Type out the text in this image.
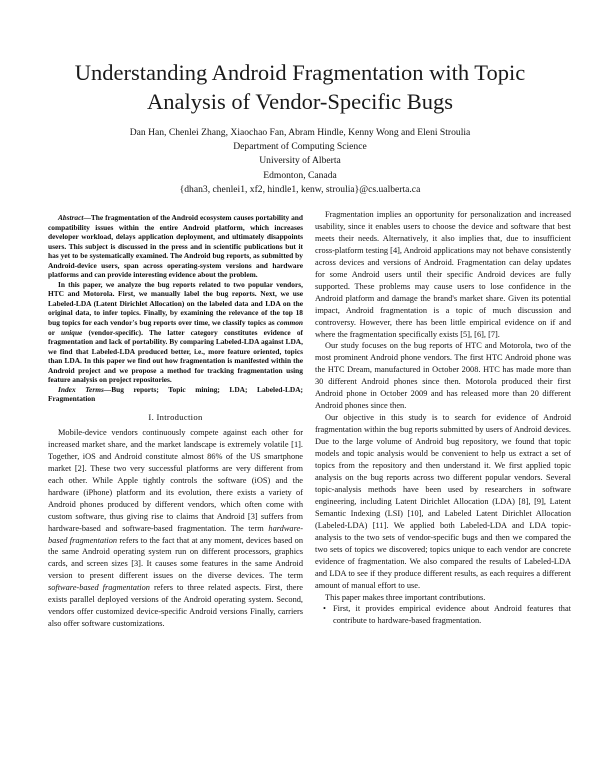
Understanding Android Fragmentation with Topic
Analysis of Vendor-Specific Bugs
Dan Han, Chenlei Zhang, Xiaochao Fan, Abram Hindle, Kenny Wong and Eleni Stroulia
Department of Computing Science
University of Alberta
Edmonton, Canada
{dhan3, chenlei1, xf2, hindle1, kenw, stroulia}@cs.ualberta.ca

Abstract—The fragmentation of the Android ecosystem causes portability and compatibility issues within the entire Android platform, which increases developer workload, delays application deployment, and ultimately disappoints users. This subject is discussed in the press and in scientific publications but it has yet to be systematically examined. The Android bug reports, as submitted by Android-device users, span across operating-system versions and hardware platforms and can provide interesting evidence about the problem.

In this paper, we analyze the bug reports related to two popular vendors, HTC and Motorola. First, we manually label the bug reports. Next, we use Labeled-LDA (Latent Dirichlet Allocation) on the labeled data and LDA on the original data, to infer topics. Finally, by examining the relevance of the top 18 bug topics for each vendor's bug reports over time, we classify topics as common or unique (vendor-specific). The latter category constitutes evidence of fragmentation and lack of portability. By comparing Labeled-LDA against LDA, we find that Labeled-LDA produced better, i.e., more feature oriented, topics than LDA. In this paper we find out how fragmentation is manifested within the Android project and we propose a method for tracking fragmentation using feature analysis on project repositories.

Index Terms—Bug reports; Topic mining; LDA; Labeled-LDA; Fragmentation

I. Introduction

Mobile-device vendors continuously compete against each other for increased market share, and the market landscape is extremely volatile [1]. Together, iOS and Android constitute almost 86% of the US smartphone market [2]. These two very successful platforms are very different from each other. While Apple tightly controls the software (iOS) and the hardware (iPhone) platform and its evolution, there exists a variety of Android phones produced by different vendors, which often come with custom software, thus giving rise to claims that Android [3] suffers from hardware-based and software-based fragmentation. The term hardware-based fragmentation refers to the fact that at any moment, devices based on the same Android operating system run on different processors, graphics cards, and screen sizes [3]. It causes some features in the same Android version to present different issues on the diverse devices. The term software-based fragmentation refers to three related aspects. First, there exists parallel deployed versions of the Android operating system. Second, vendors offer customized device-specific Android versions Finally, carriers also offer software customizations.

Fragmentation implies an opportunity for personalization and increased usability, since it enables users to choose the device and software that best meets their needs. Alternatively, it also implies that, due to insufficient cross-platform testing [4], Android applications may not behave consistently across devices and versions of Android. Fragmentation can delay updates for some Android users until their specific Android devices are fully supported. These problems may cause users to lose confidence in the Android platform and damage the brand's market share. Given its potential impact, Android fragmentation is a topic of much discussion and controversy. However, there has been little empirical evidence on if and where the fragmentation specifically exists [5], [6], [7].

Our study focuses on the bug reports of HTC and Motorola, two of the most prominent Android phone vendors. The first HTC Android phone was the HTC Dream, manufactured in October 2008. HTC has made more than 30 different Android phones since then. Motorola produced their first Android phone in October 2009 and has released more than 20 different Android phones since then.

Our objective in this study is to search for evidence of Android fragmentation within the bug reports submitted by users of Android devices. Due to the large volume of Android bug repository, we found that topic models and topic analysis would be convenient to help us extract a set of topics from the repository and then understand it. We first applied topic analysis on the bug reports across two different popular vendors. Several topic-analysis methods have been used by researchers in software engineering, including Latent Dirichlet Allocation (LDA) [8], [9], Latent Semantic Indexing (LSI) [10], and Labeled Latent Dirichlet Allocation (Labeled-LDA) [11]. We applied both Labeled-LDA and LDA topic-analysis to the two sets of vendor-specific bugs and then we compared the two sets of topics we discovered; topics unique to each vendor are concrete evidence of fragmentation. We also compared the results of Labeled-LDA and LDA to see if they produce different results, as each requires a different amount of manual effort to use.

This paper makes three important contributions.

• First, it provides empirical evidence about Android features that contribute to hardware-based fragmentation.
